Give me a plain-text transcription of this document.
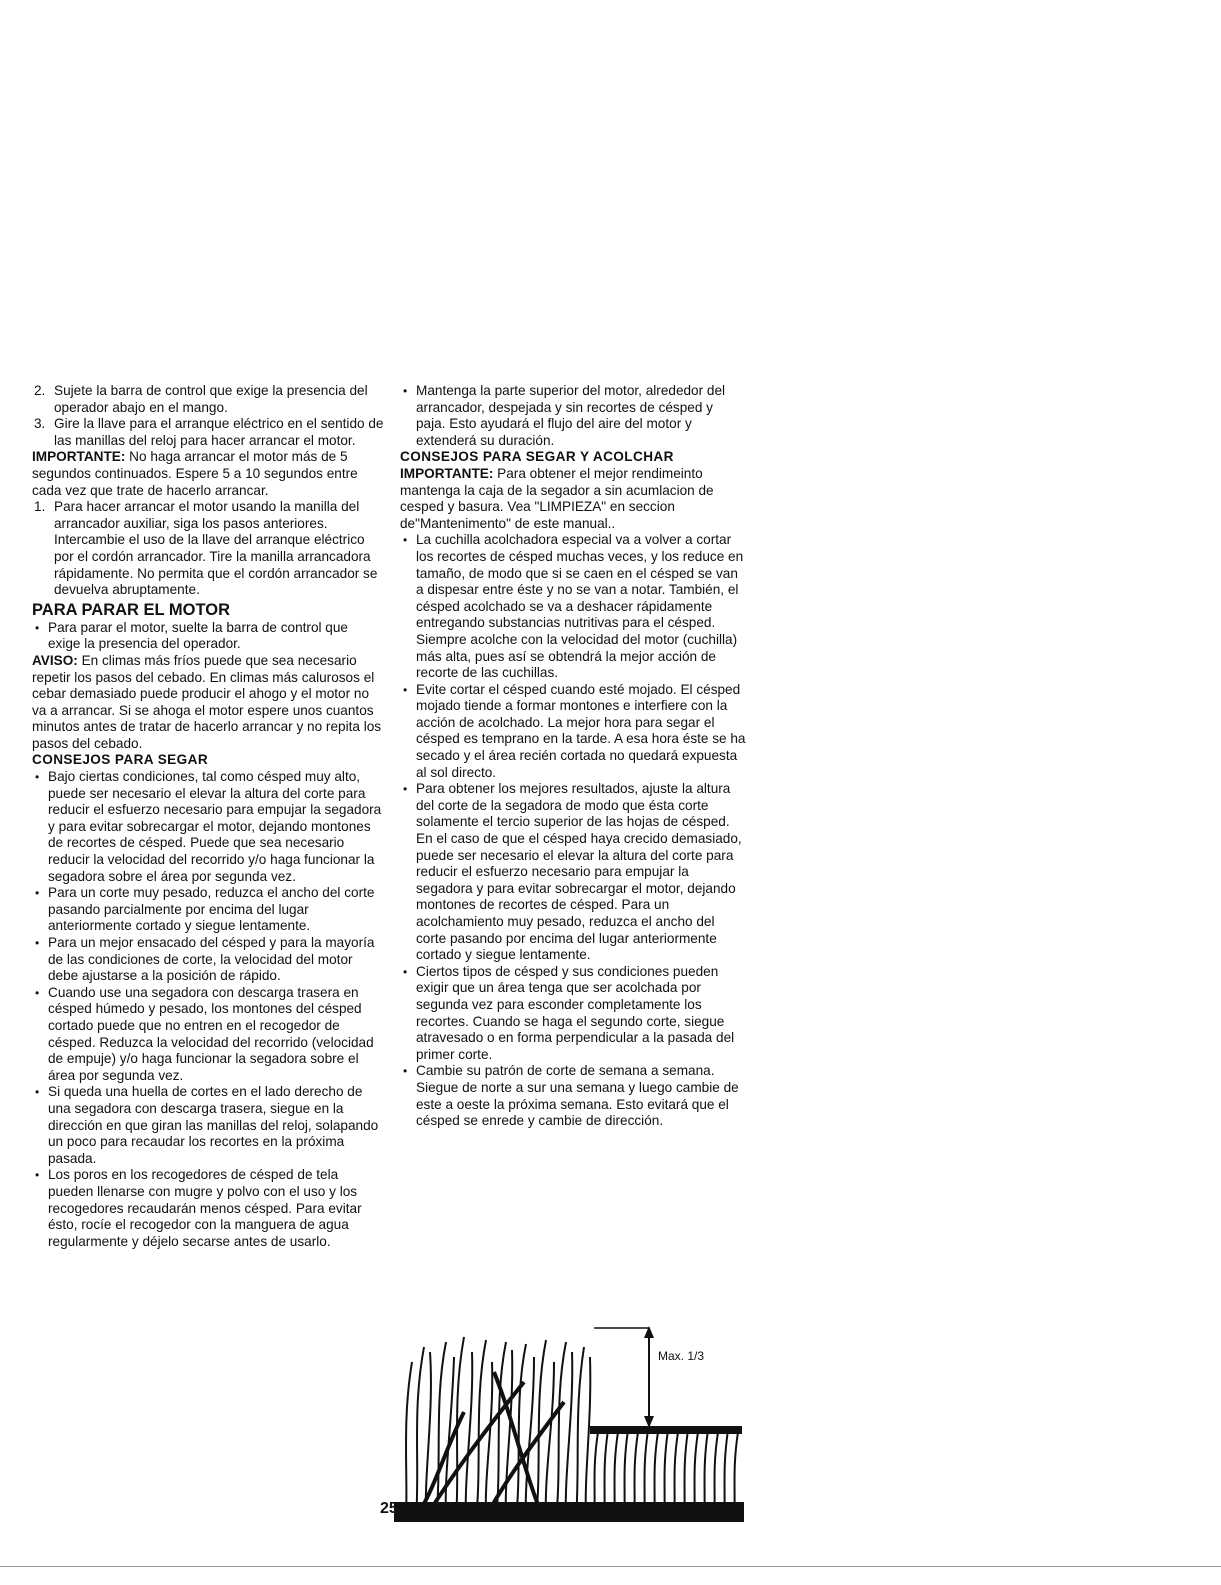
2. Sujete la barra de control que exige la presencia del operador abajo en el mango.

3. Gire la llave para el arranque eléctrico en el sentido de las manillas del reloj para hacer arrancar el motor.

IMPORTANTE: No haga arrancar el motor más de 5 segundos continuados. Espere 5 a 10 segundos entre cada vez que trate de hacerlo arrancar.

1. Para hacer arrancar el motor usando la manilla del arrancador auxiliar, siga los pasos anteriores. Intercambie el uso de la llave del arranque eléctrico por el cordón arrancador. Tire la manilla arrancadora rápidamente. No permita que el cordón arrancador se devuelva abruptamente.

PARA PARAR EL MOTOR

• Para parar el motor, suelte la barra de control que exige la presencia del operador.

AVISO: En climas más fríos puede que sea necesario repetir los pasos del cebado. En climas más calurosos el cebar demasiado puede producir el ahogo y el motor no va a arrancar. Si se ahoga el motor espere unos cuantos minutos antes de tratar de hacerlo arrancar y no repita los pasos del cebado.

CONSEJOS PARA SEGAR

• Bajo ciertas condiciones, tal como césped muy alto, puede ser necesario el elevar la altura del corte para reducir el esfuerzo necesario para empujar la segadora y para evitar sobrecargar el motor, dejando montones de recortes de césped. Puede que sea necesario reducir la velocidad del recorrido y/o haga funcionar la segadora sobre el área por segunda vez.

• Para un corte muy pesado, reduzca el ancho del corte pasando parcialmente por encima del lugar anteriormente cortado y siegue lentamente.

• Para un mejor ensacado del césped y para la mayoría de las condiciones de corte, la velocidad del motor debe ajustarse a la posición de rápido.

• Cuando use una segadora con descarga trasera en césped húmedo y pesado, los montones del césped cortado puede que no entren en el recogedor de césped. Reduzca la velocidad del recorrido (velocidad de empuje) y/o haga funcionar la segadora sobre el área por segunda vez.

• Si queda una huella de cortes en el lado derecho de una segadora con descarga trasera, siegue en la dirección en que giran las manillas del reloj, solapando un poco para recaudar los recortes en la próxima pasada.

• Los poros en los recogedores de césped de tela pueden llenarse con mugre y polvo con el uso y los recogedores recaudarán menos césped. Para evitar ésto, rocíe el recogedor con la manguera de agua regularmente y déjelo secarse antes de usarlo.

• Mantenga la parte superior del motor, alrededor del arrancador, despejada y sin recortes de césped y paja. Esto ayudará el flujo del aire del motor y extenderá su duración.

CONSEJOS PARA SEGAR Y ACOLCHAR

IMPORTANTE: Para obtener el mejor rendimeinto mantenga la caja de la segador a sin acumlacion de cesped y basura. Vea "LIMPIEZA" en seccion de"Mantenimento" de este manual..

• La cuchilla acolchadora especial va a volver a cortar los recortes de césped muchas veces, y los reduce en tamaño, de modo que si se caen en el césped se van a dispesar entre éste y no se van a notar. También, el césped acolchado se va a deshacer rápidamente entregando substancias nutritivas para el césped. Siempre acolche con la velocidad del motor (cuchilla) más alta, pues así se obtendrá la mejor acción de recorte de las cuchillas.

• Evite cortar el césped cuando esté mojado. El césped mojado tiende a formar montones e interfiere con la acción de acolchado. La mejor hora para segar el césped es temprano en la tarde. A esa hora éste se ha secado y el área recién cortada no quedará expuesta al sol directo.

• Para obtener los mejores resultados, ajuste la altura del corte de la segadora de modo que ésta corte solamente el tercio superior de las hojas de césped. En el caso de que el césped haya crecido demasiado, puede ser necesario el elevar la altura del corte para reducir el esfuerzo necesario para empujar la segadora y para evitar sobrecargar el motor, dejando montones de recortes de césped. Para un acolchamiento muy pesado, reduzca el ancho del corte pasando por encima del lugar anteriormente cortado y siegue lentamente.

• Ciertos tipos de césped y sus condiciones pueden exigir que un área tenga que ser acolchada por segunda vez para esconder completamente los recortes. Cuando se haga el segundo corte, siegue atravesado o en forma perpendicular a la pasada del primer corte.

• Cambie su patrón de corte de semana a semana. Siegue de norte a sur una semana y luego cambie de este a oeste la próxima semana. Esto evitará que el césped se enrede y cambie de dirección.

Max. 1/3
25
